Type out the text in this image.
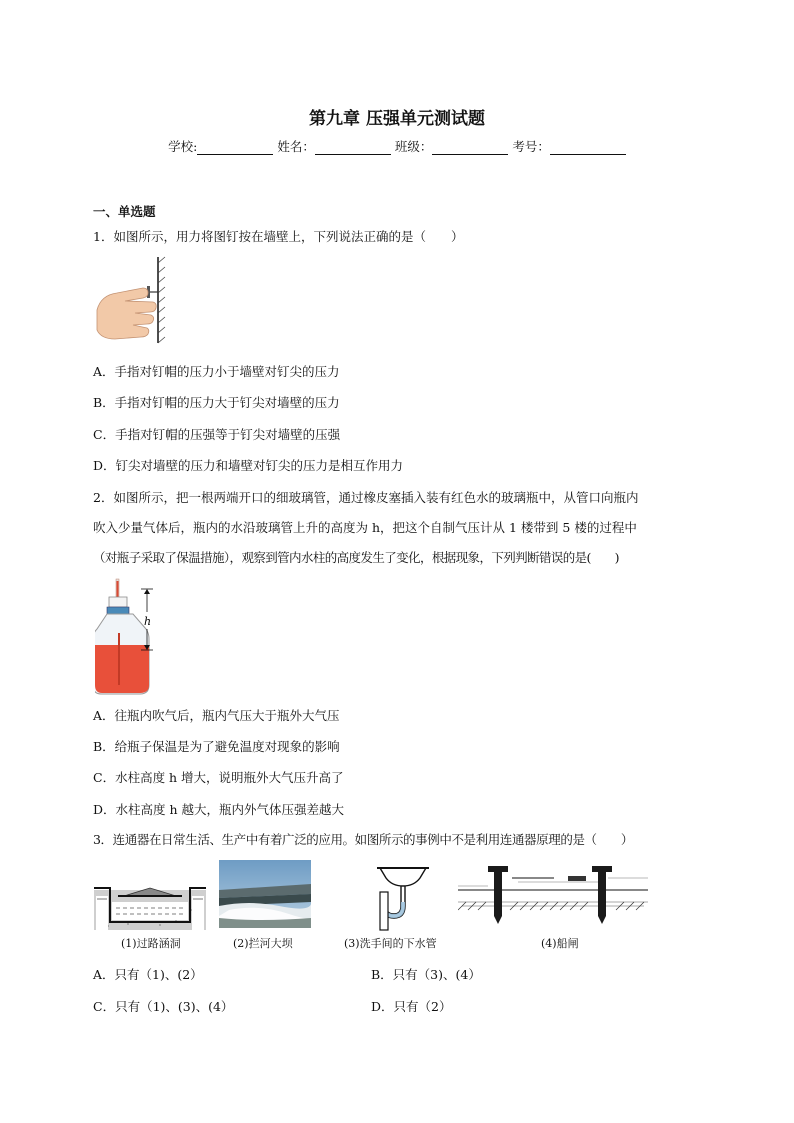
第九章 压强单元测试题
学校:	姓名：	班级：	考号：
一、单选题
1．如图所示，用力将图钉按在墙壁上，下列说法正确的是（　　）
A．手指对钉帽的压力小于墙壁对钉尖的压力
B．手指对钉帽的压力大于钉尖对墙壁的压力
C．手指对钉帽的压强等于钉尖对墙壁的压强
D．钉尖对墙壁的压力和墙壁对钉尖的压力是相互作用力
2．如图所示，把一根两端开口的细玻璃管，通过橡皮塞插入装有红色水的玻璃瓶中，从管口向瓶内
吹入少量气体后，瓶内的水沿玻璃管上升的高度为 h，把这个自制气压计从 1 楼带到 5 楼的过程中
（对瓶子采取了保温措施），观察到管内水柱的高度发生了变化，根据现象，下列判断错误的是(　　)
h
A．往瓶内吹气后，瓶内气压大于瓶外大气压
B．给瓶子保温是为了避免温度对现象的影响
C．水柱高度 h 增大，说明瓶外大气压升高了
D．水柱高度 h 越大，瓶内外气体压强差越大
3．连通器在日常生活、生产中有着广泛的应用。如图所示的事例中不是利用连通器原理的是（　　）
(1)过路涵洞	(2)拦河大坝	(3)洗手间的下水管	(4)船闸
A．只有（1)、(2）	B．只有（3)、(4）
C．只有（1)、(3)、(4）	D．只有（2）
